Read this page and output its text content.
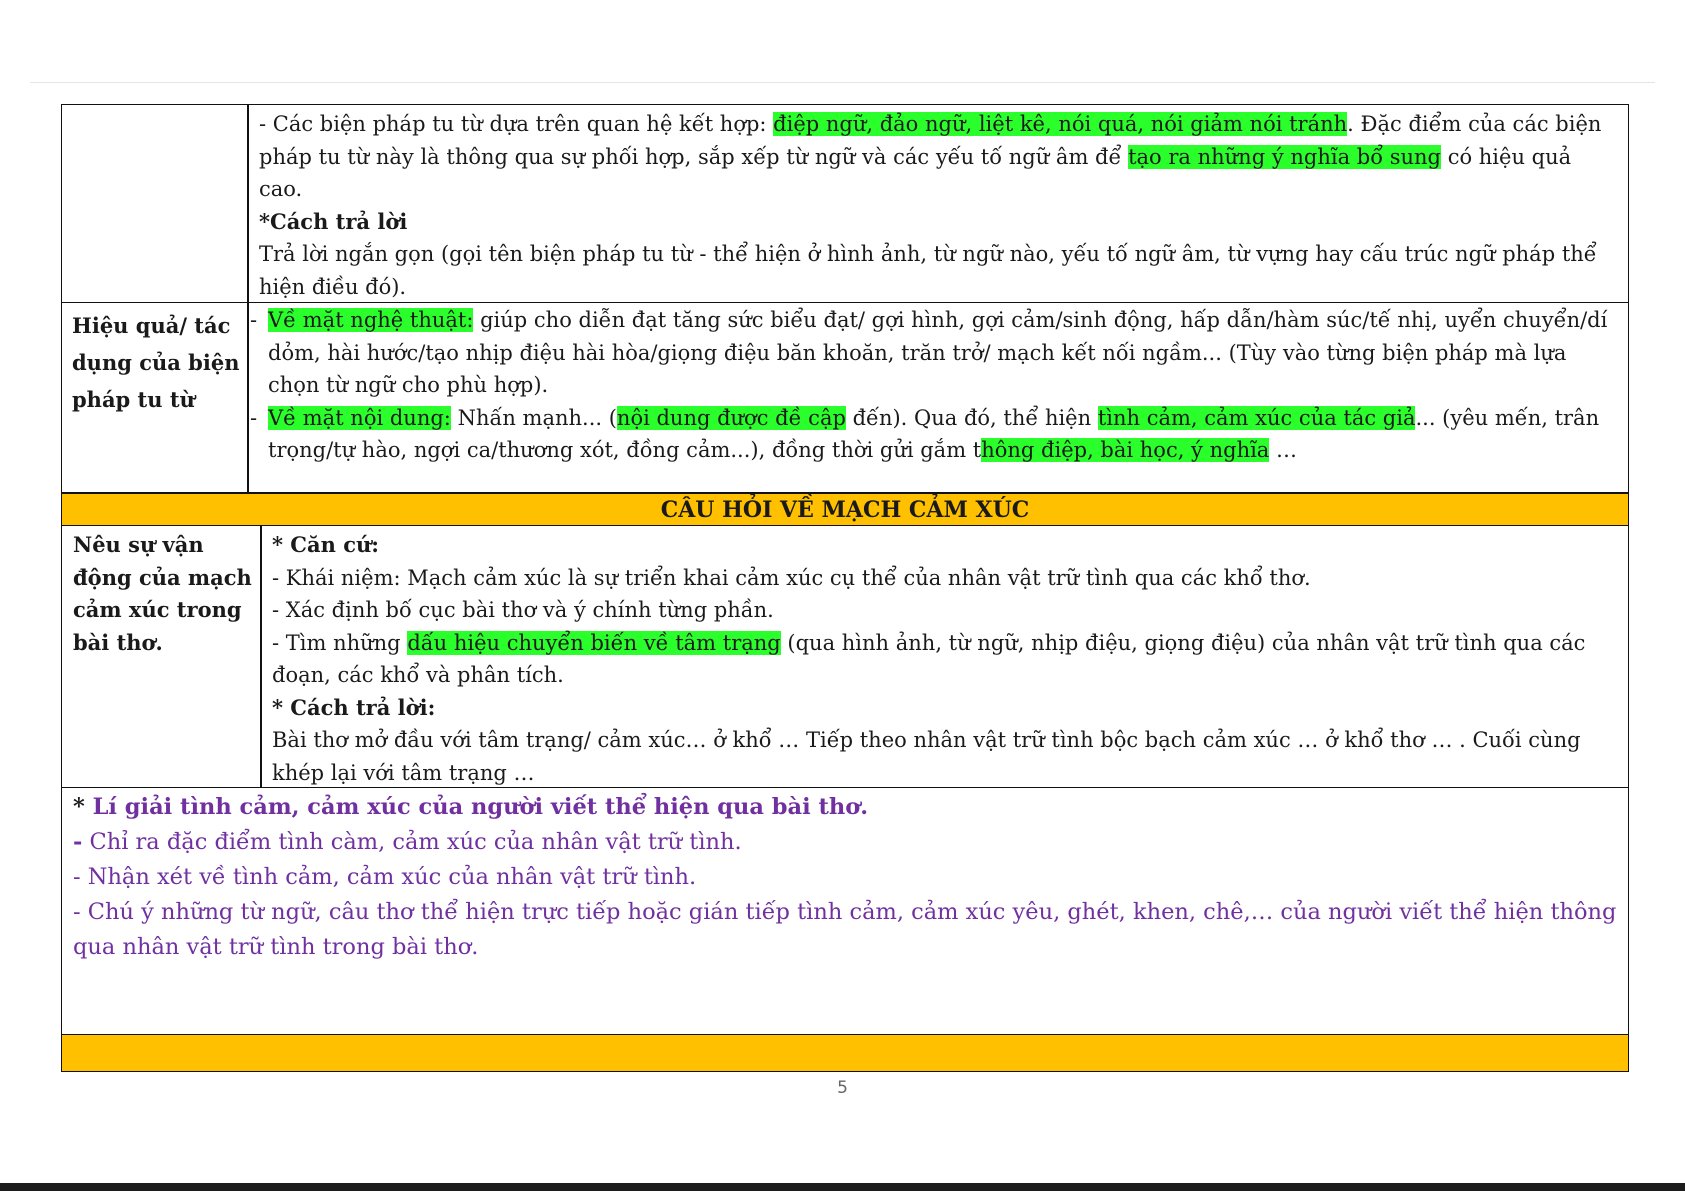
- Các biện pháp tu từ dựa trên quan hệ kết hợp: điệp ngữ, đảo ngữ, liệt kê, nói quá, nói giảm nói tránh. Đặc điểm của các biện pháp tu từ này là thông qua sự phối hợp, sắp xếp từ ngữ và các yếu tố ngữ âm để tạo ra những ý nghĩa bổ sung có hiệu quả cao.
*Cách trả lời
Trả lời ngắn gọn (gọi tên biện pháp tu từ - thể hiện ở hình ảnh, từ ngữ nào, yếu tố ngữ âm, từ vựng hay cấu trúc ngữ pháp thể hiện điều đó).
Hiệu quả/ tác dụng của biện pháp tu từ
- Về mặt nghệ thuật: giúp cho diễn đạt tăng sức biểu đạt/ gợi hình, gợi cảm/sinh động, hấp dẫn/hàm súc/tế nhị, uyển chuyển/dí dỏm, hài hước/tạo nhịp điệu hài hòa/giọng điệu băn khoăn, trăn trở/ mạch kết nối ngầm... (Tùy vào từng biện pháp mà lựa chọn từ ngữ cho phù hợp).
- Về mặt nội dung: Nhấn mạnh... (nội dung được đề cập đến). Qua đó, thể hiện tình cảm, cảm xúc của tác giả... (yêu mến, trân trọng/tự hào, ngợi ca/thương xót, đồng cảm...), đồng thời gửi gắm thông điệp, bài học, ý nghĩa …
CÂU HỎI VỀ MẠCH CẢM XÚC
Nêu sự vận động của mạch cảm xúc trong bài thơ.
* Căn cứ:
- Khái niệm: Mạch cảm xúc là sự triển khai cảm xúc cụ thể của nhân vật trữ tình qua các khổ thơ.
- Xác định bố cục bài thơ và ý chính từng phần.
- Tìm những dấu hiệu chuyển biến về tâm trạng (qua hình ảnh, từ ngữ, nhịp điệu, giọng điệu) của nhân vật trữ tình qua các đoạn, các khổ và phân tích.
* Cách trả lời:
Bài thơ mở đầu với tâm trạng/ cảm xúc… ở khổ … Tiếp theo nhân vật trữ tình bộc bạch cảm xúc … ở khổ thơ … . Cuối cùng khép lại với tâm trạng …
* Lí giải tình cảm, cảm xúc của người viết thể hiện qua bài thơ.
- Chỉ ra đặc điểm tình càm, cảm xúc của nhân vật trữ tình.
- Nhận xét về tình cảm, cảm xúc của nhân vật trữ tình.
- Chú ý những từ ngữ, câu thơ thể hiện trực tiếp hoặc gián tiếp tình cảm, cảm xúc yêu, ghét, khen, chê,… của người viết thể hiện thông qua nhân vật trữ tình trong bài thơ.
5
